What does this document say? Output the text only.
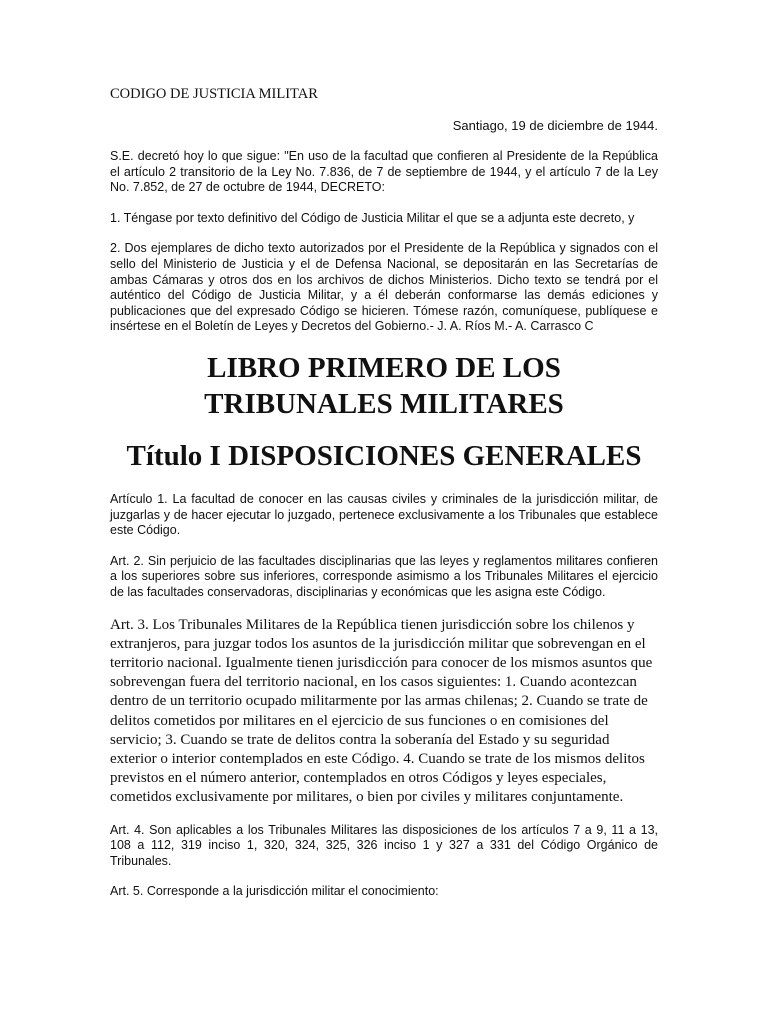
CODIGO DE JUSTICIA MILITAR
Santiago, 19 de diciembre de 1944.

S.E. decretó hoy lo que sigue: "En uso de la facultad que confieren al Presidente de la República el artículo 2 transitorio de la Ley No. 7.836, de 7 de septiembre de 1944, y el artículo 7 de la Ley No. 7.852, de 27 de octubre de 1944, DECRETO:

1. Téngase por texto definitivo del Código de Justicia Militar el que se a adjunta este decreto, y

2. Dos ejemplares de dicho texto autorizados por el Presidente de la República y signados con el sello del Ministerio de Justicia y el de Defensa Nacional, se depositarán en las Secretarías de ambas Cámaras y otros dos en los archivos de dichos Ministerios. Dicho texto se tendrá por el auténtico del Código de Justicia Militar, y a él deberán conformarse las demás ediciones y publicaciones que del expresado Código se hicieren. Tómese razón, comuníquese, publíquese e insértese en el Boletín de Leyes y Decretos del Gobierno.- J. A. Ríos M.- A. Carrasco C

LIBRO PRIMERO DE LOS TRIBUNALES MILITARES
Título I DISPOSICIONES GENERALES

Artículo 1. La facultad de conocer en las causas civiles y criminales de la jurisdicción militar, de juzgarlas y de hacer ejecutar lo juzgado, pertenece exclusivamente a los Tribunales que establece este Código.

Art. 2. Sin perjuicio de las facultades disciplinarias que las leyes y reglamentos militares confieren a los superiores sobre sus inferiores, corresponde asimismo a los Tribunales Militares el ejercicio de las facultades conservadoras, disciplinarias y económicas que les asigna este Código.

Art. 3. Los Tribunales Militares de la República tienen jurisdicción sobre los chilenos y extranjeros, para juzgar todos los asuntos de la jurisdicción militar que sobrevengan en el territorio nacional. Igualmente tienen jurisdicción para conocer de los mismos asuntos que sobrevengan fuera del territorio nacional, en los casos siguientes: 1. Cuando acontezcan dentro de un territorio ocupado militarmente por las armas chilenas; 2. Cuando se trate de delitos cometidos por militares en el ejercicio de sus funciones o en comisiones del servicio; 3. Cuando se trate de delitos contra la soberanía del Estado y su seguridad exterior o interior contemplados en este Código. 4. Cuando se trate de los mismos delitos previstos en el número anterior, contemplados en otros Códigos y leyes especiales, cometidos exclusivamente por militares, o bien por civiles y militares conjuntamente.

Art. 4. Son aplicables a los Tribunales Militares las disposiciones de los artículos 7 a 9, 11 a 13, 108 a 112, 319 inciso 1, 320, 324, 325, 326 inciso 1 y 327 a 331 del Código Orgánico de Tribunales.

Art. 5. Corresponde a la jurisdicción militar el conocimiento:
